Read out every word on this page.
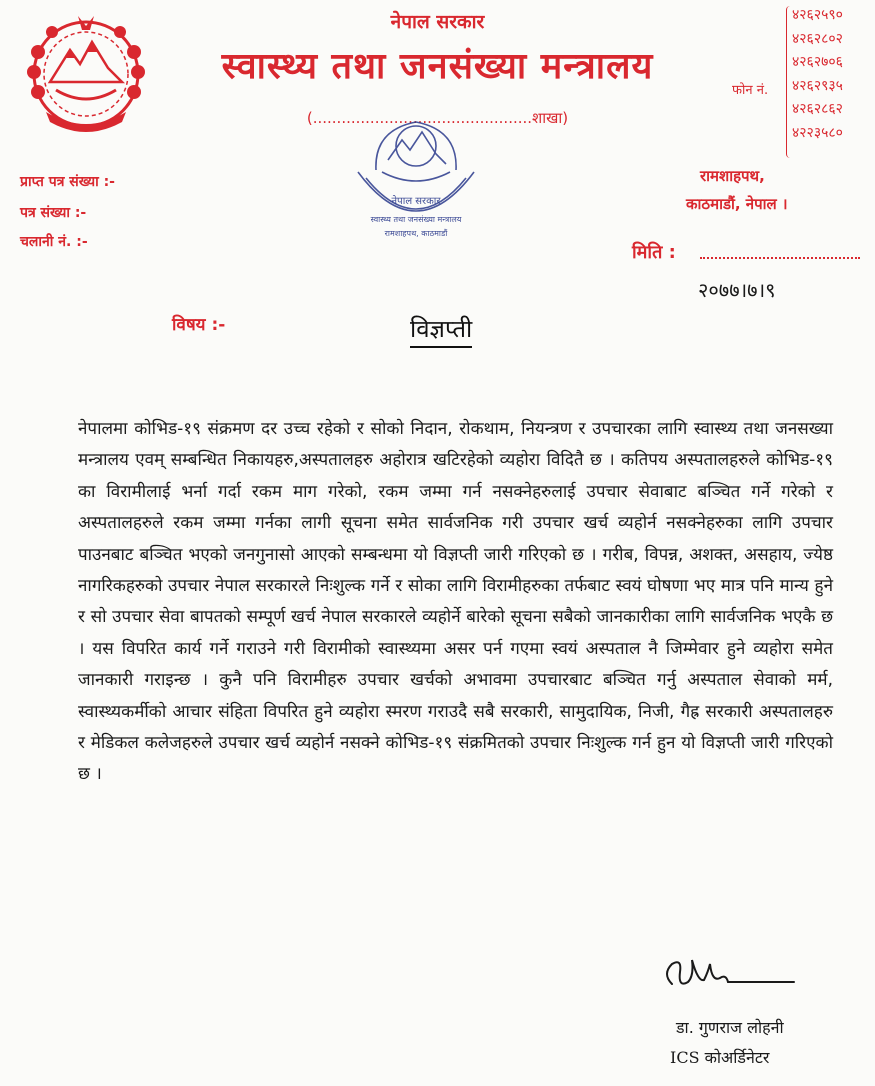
नेपाल सरकार
स्वास्थ्य तथा जनसंख्या मन्त्रालय
(..............................................शाखा)
फोन नं.
४२६२५९०
४२६२८०२
४२६२७०६
४२६२९३५
४२६२८६२
४२२३५८०
रामशाहपथ,
काठमाडौं, नेपाल ।
प्राप्त पत्र संख्या :-
पत्र संख्या :-
चलानी नं. :-
नेपाल सरकार
स्वास्थ्य तथा जनसंख्या मन्त्रालय
रामशाहपथ, काठमाडौं
मिति :
२०७७।७।९
विषय :-	विज्ञप्ती

नेपालमा कोभिड-१९ संक्रमण दर उच्च रहेको र सोको निदान, रोकथाम, नियन्त्रण र उपचारका लागि स्वास्थ्य तथा जनसख्या मन्त्रालय एवम् सम्बन्धित निकायहरु,अस्पतालहरु अहोरात्र खटिरहेको व्यहोरा विदितै छ । कतिपय अस्पतालहरुले कोभिड-१९ का विरामीलाई भर्ना गर्दा रकम माग गरेको, रकम जम्मा गर्न नसक्नेहरुलाई उपचार सेवाबाट बञ्चित गर्ने गरेको र अस्पतालहरुले रकम जम्मा गर्नका लागी सूचना समेत सार्वजनिक गरी उपचार खर्च व्यहोर्न नसक्नेहरुका लागि उपचार पाउनबाट बञ्चित भएको जनगुनासो आएको सम्बन्धमा यो विज्ञप्ती जारी गरिएको छ । गरीब, विपन्न, अशक्त, असहाय, ज्येष्ठ नागरिकहरुको उपचार नेपाल सरकारले निःशुल्क गर्ने र सोका लागि विरामीहरुका तर्फबाट स्वयं घोषणा भए मात्र पनि मान्य हुने र सो उपचार सेवा बापतको सम्पूर्ण खर्च नेपाल सरकारले व्यहोर्ने बारेको सूचना सबैको जानकारीका लागि सार्वजनिक भएकै छ । यस विपरित कार्य गर्ने गराउने गरी विरामीको स्वास्थ्यमा असर पर्न गएमा स्वयं अस्पताल नै जिम्मेवार हुने व्यहोरा समेत जानकारी गराइन्छ । कुनै पनि विरामीहरु उपचार खर्चको अभावमा उपचारबाट बञ्चित गर्नु अस्पताल सेवाको मर्म, स्वास्थ्यकर्मीको आचार संहिता विपरित हुने व्यहोरा स्मरण गराउदै सबै सरकारी, सामुदायिक, निजी, गैह्र सरकारी अस्पतालहरु र मेडिकल कलेजहरुले उपचार खर्च व्यहोर्न नसक्ने कोभिड-१९ संक्रमितको उपचार निःशुल्क गर्न हुन यो विज्ञप्ती जारी गरिएको छ ।

डा. गुणराज लोहनी
ICS कोअर्डिनेटर
